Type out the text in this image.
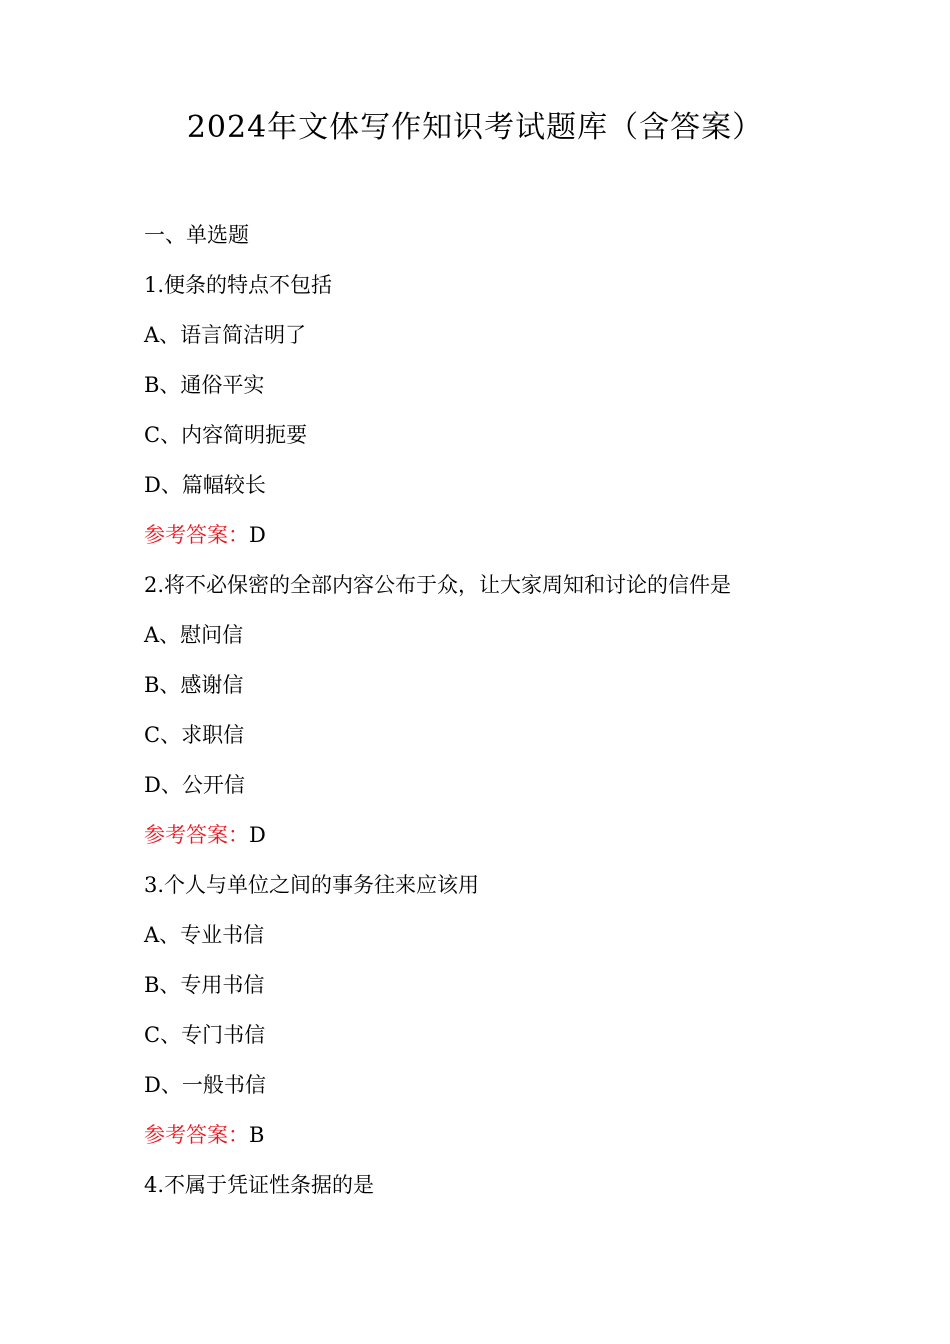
2024年文体写作知识考试题库（含答案）
一、单选题
1.便条的特点不包括
A、语言简洁明了
B、通俗平实
C、内容简明扼要
D、篇幅较长
参考答案：D
2.将不必保密的全部内容公布于众，让大家周知和讨论的信件是
A、慰问信
B、感谢信
C、求职信
D、公开信
参考答案：D
3.个人与单位之间的事务往来应该用
A、专业书信
B、专用书信
C、专门书信
D、一般书信
参考答案：B
4.不属于凭证性条据的是
